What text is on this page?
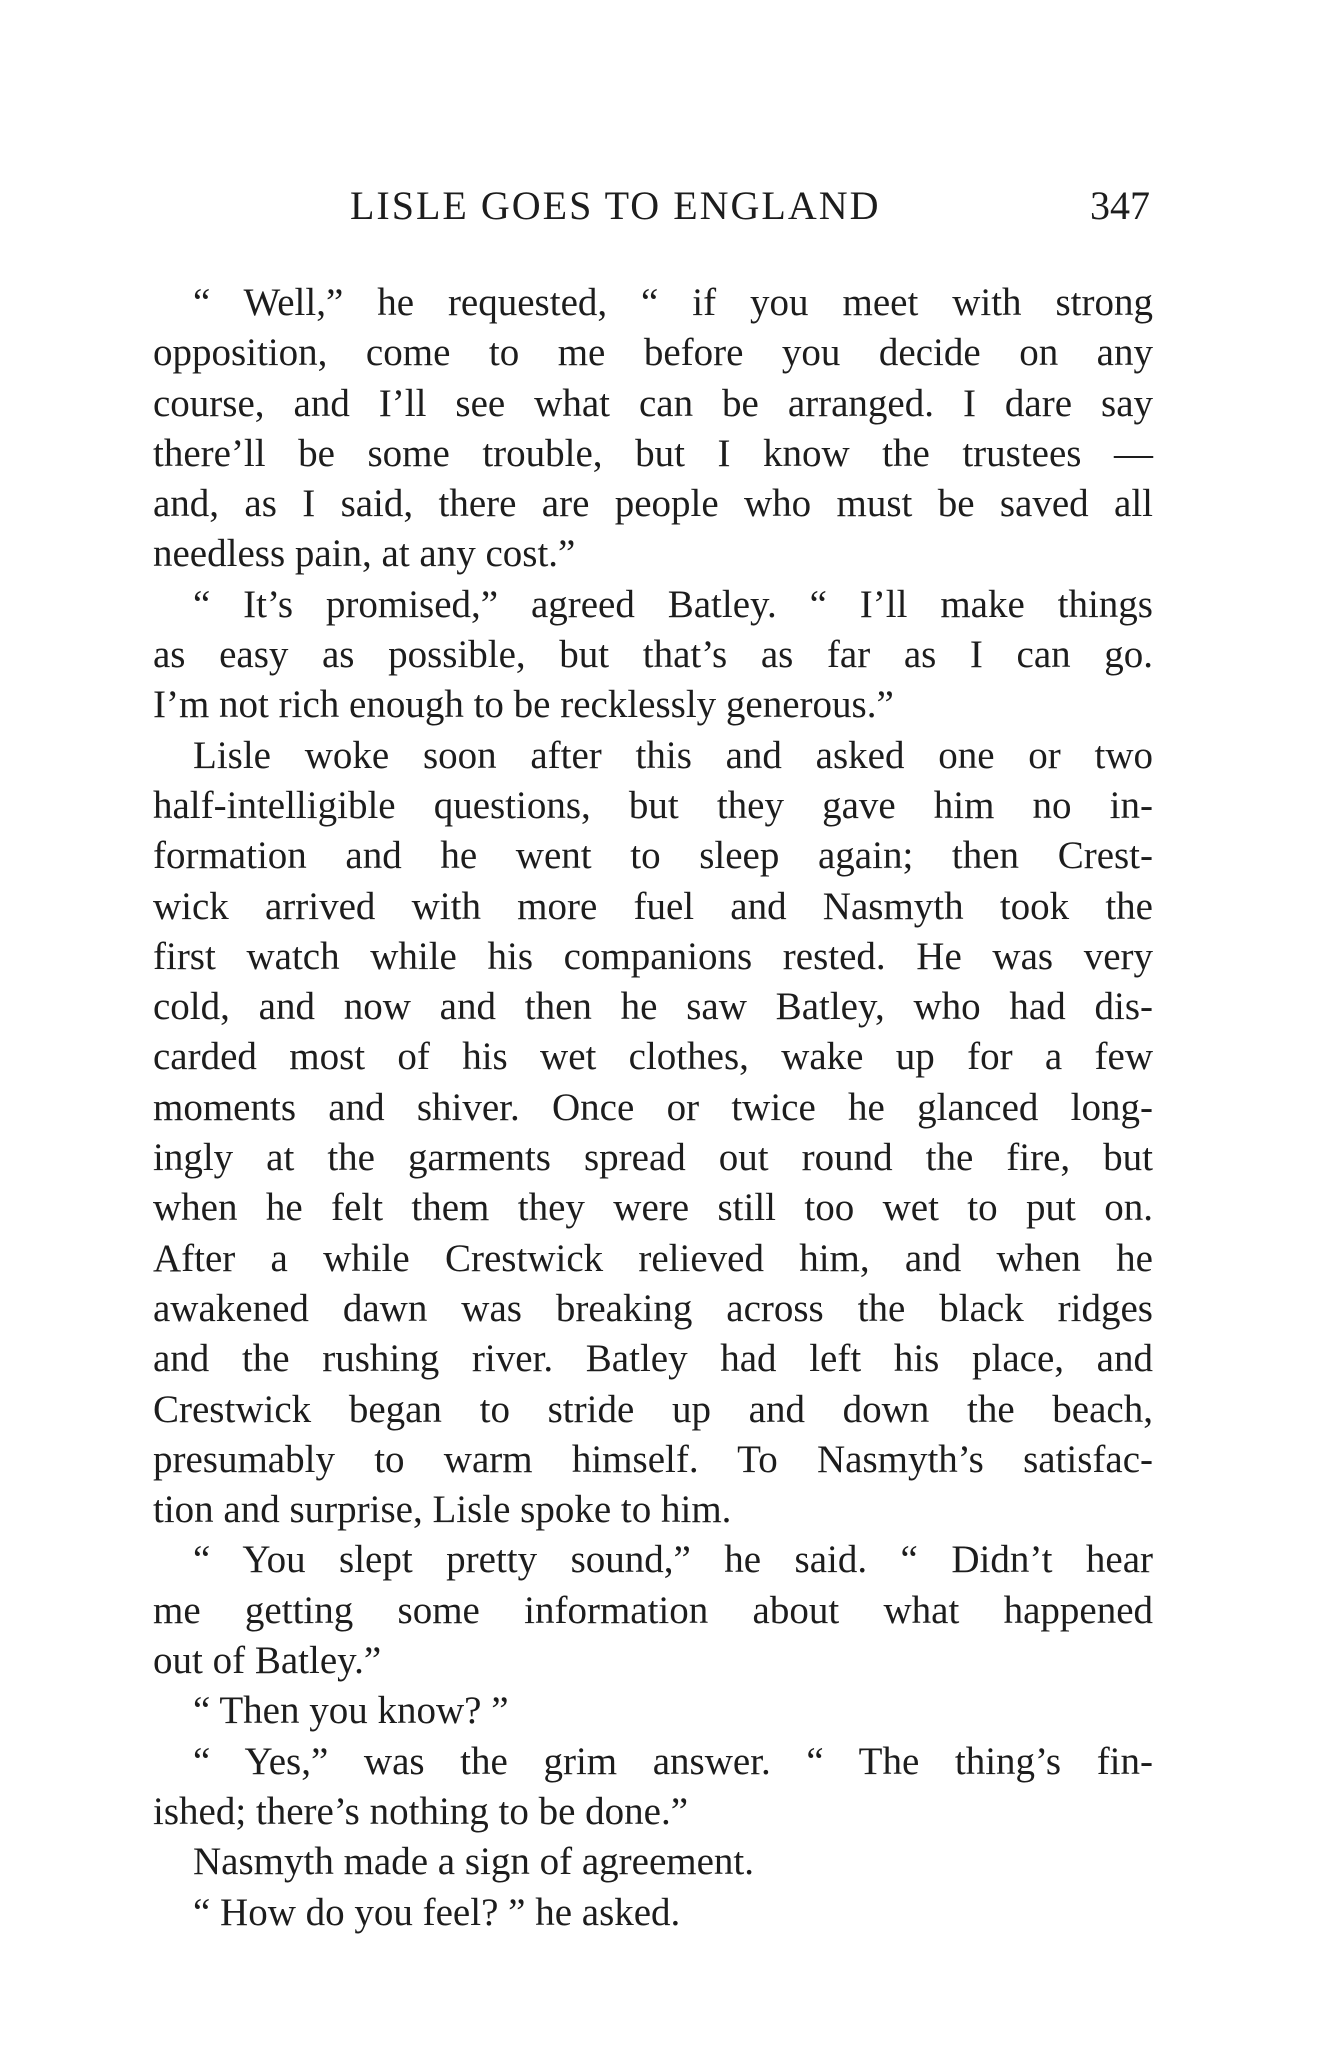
LISLE GOES TO ENGLAND	347
“ Well,” he requested, “ if you meet with strong
opposition, come to me before you decide on any
course, and I’ll see what can be arranged. I dare say
there’ll be some trouble, but I know the trustees —
and, as I said, there are people who must be saved all
needless pain, at any cost.”
“ It’s promised,” agreed Batley. “ I’ll make things
as easy as possible, but that’s as far as I can go.
I’m not rich enough to be recklessly generous.”
Lisle woke soon after this and asked one or two
half-intelligible questions, but they gave him no in-
formation and he went to sleep again; then Crest-
wick arrived with more fuel and Nasmyth took the
first watch while his companions rested. He was very
cold, and now and then he saw Batley, who had dis-
carded most of his wet clothes, wake up for a few
moments and shiver. Once or twice he glanced long-
ingly at the garments spread out round the fire, but
when he felt them they were still too wet to put on.
After a while Crestwick relieved him, and when he
awakened dawn was breaking across the black ridges
and the rushing river. Batley had left his place, and
Crestwick began to stride up and down the beach,
presumably to warm himself. To Nasmyth’s satisfac-
tion and surprise, Lisle spoke to him.
“ You slept pretty sound,” he said. “ Didn’t hear
me getting some information about what happened
out of Batley.”
“ Then you know? ”
“ Yes,” was the grim answer. “ The thing’s fin-
ished; there’s nothing to be done.”
Nasmyth made a sign of agreement.
“ How do you feel? ” he asked.
